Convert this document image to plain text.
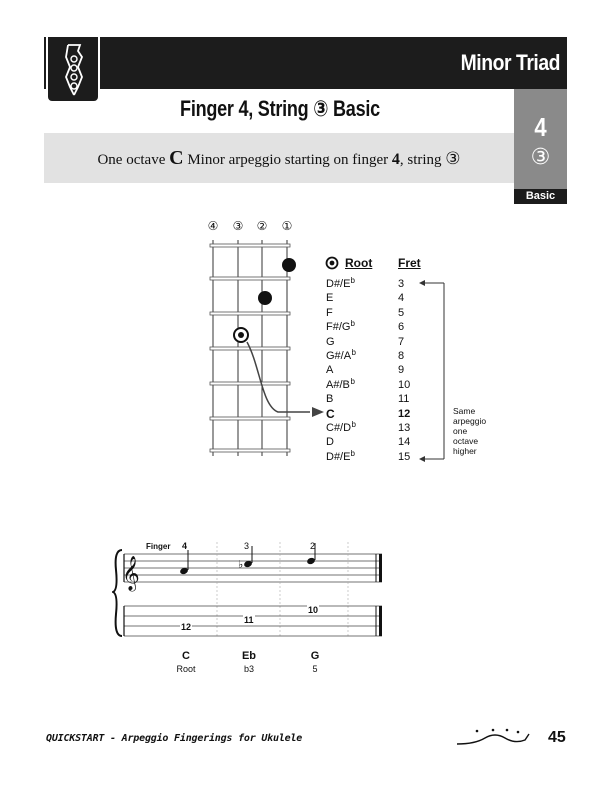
Minor Triad
Finger 4, String ③ Basic
One octave C Minor arpeggio starting on finger 4, string ③
4
③
Basic
④ ③ ② ①
Root Fret
D#/E b	3
E	4
F	5
F#/G b	6
G	7
G#/A b	8
A	9
A#/B b	10
B	11
C	12
C#/D b	13
D	14
D#/E b	15
Same
arpeggio
one
octave
higher
𝄞	♭
Finger 4	3	2
12
11
10
C	Eb	G
Root	b3	5
QUICKSTART - Arpeggio Fingerings for Ukulele	45
